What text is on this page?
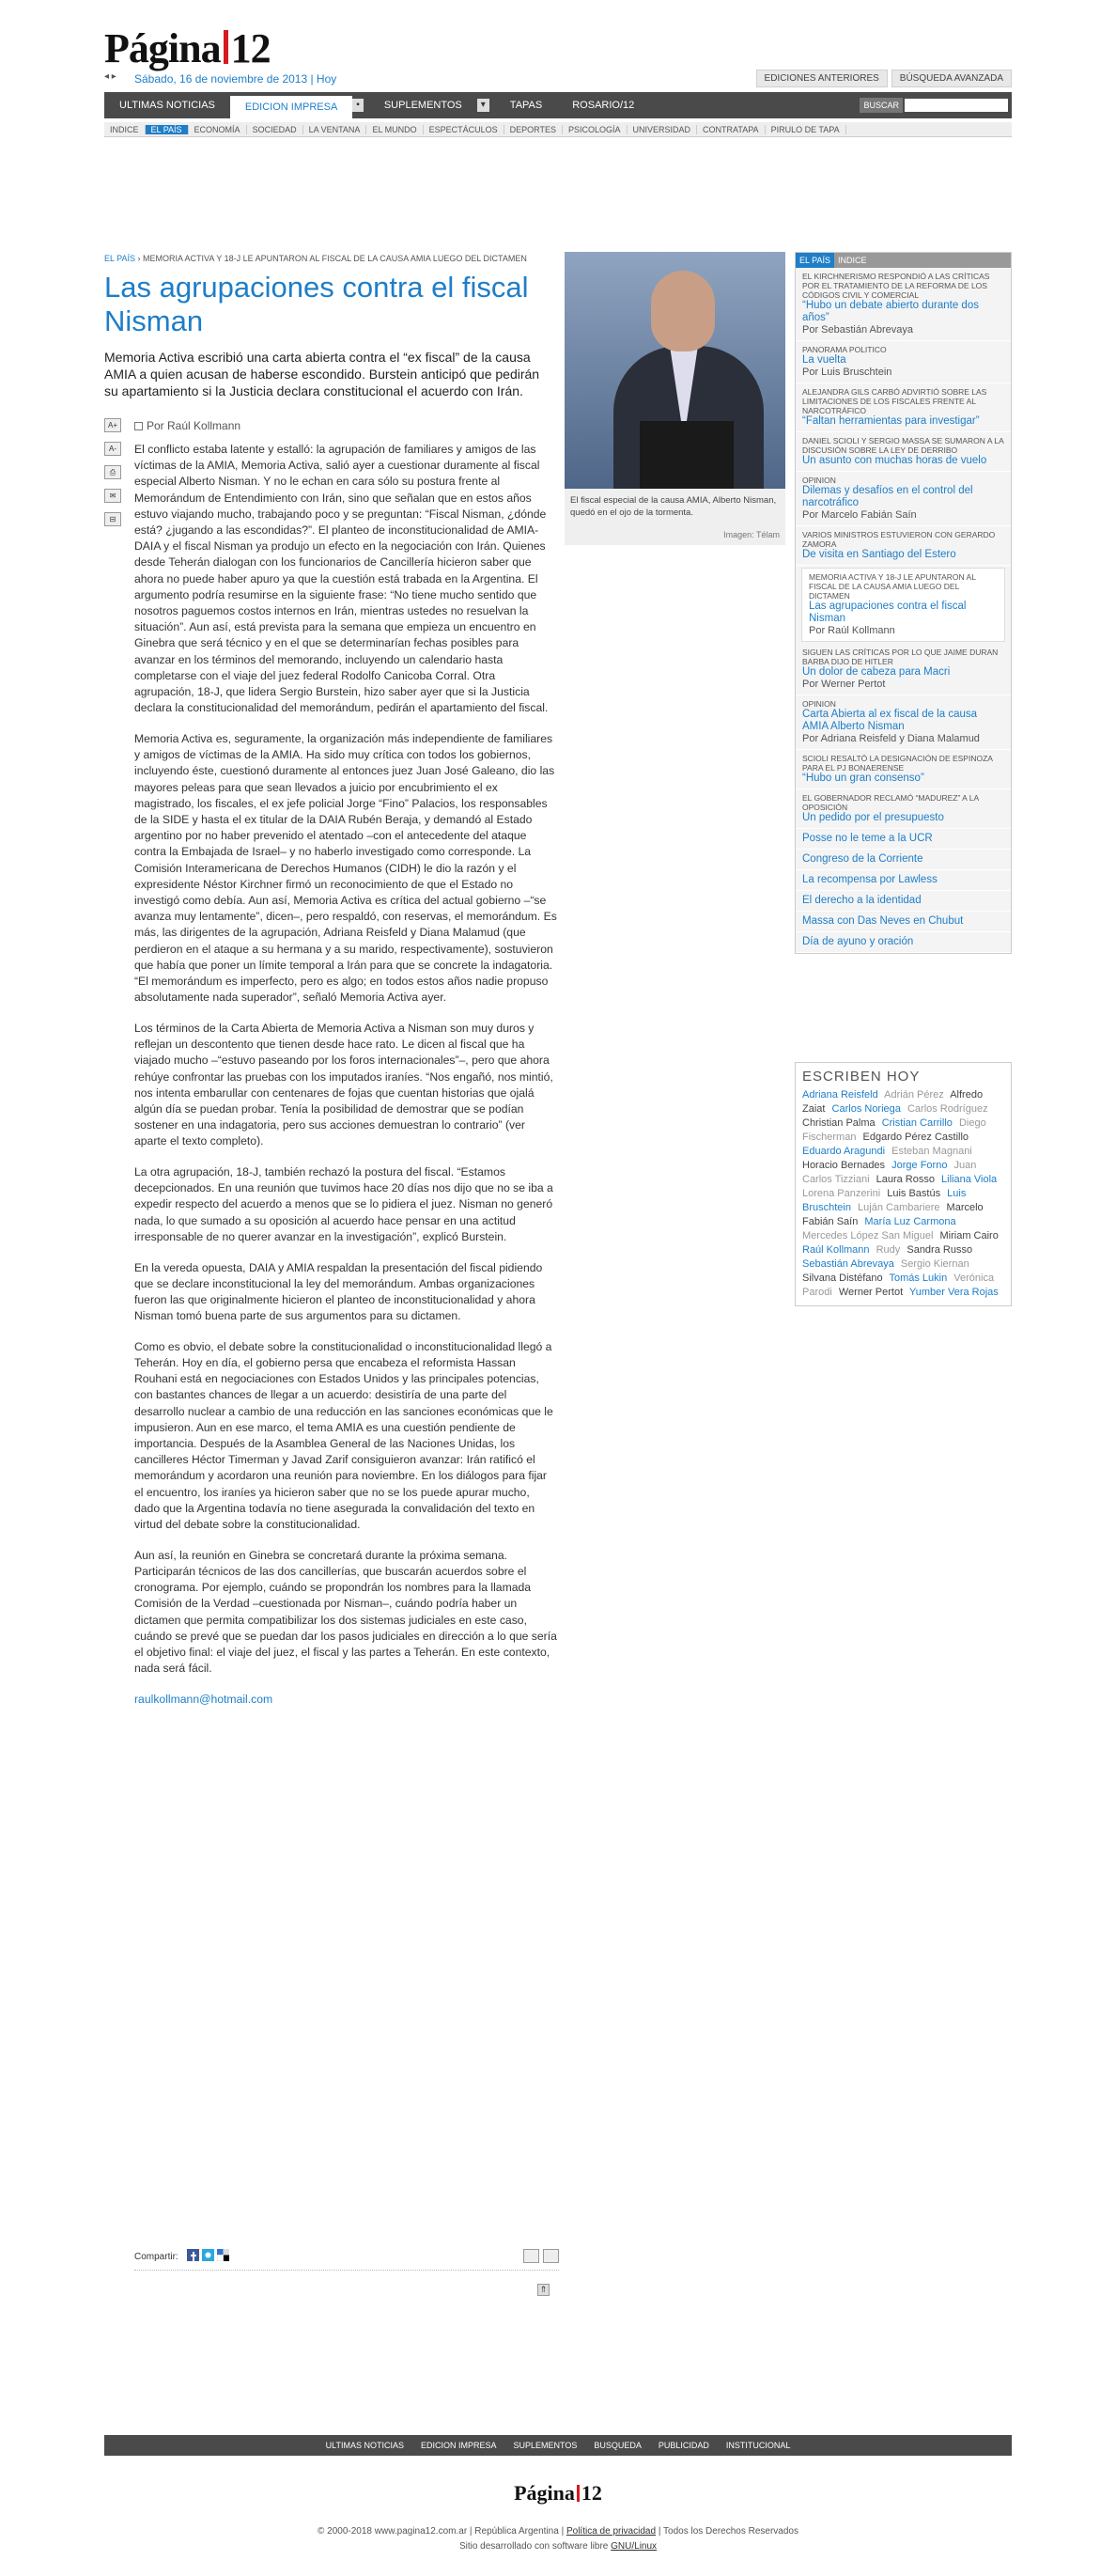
Página 12
◂ ▸ Sábado, 16 de noviembre de 2013 | Hoy	EDICIONES ANTERIORES	BÚSQUEDA AVANZADA
ULTIMAS NOTICIAS	EDICION IMPRESA	▪	SUPLEMENTOS	▾	TAPAS	ROSARIO/12	BUSCAR
INDICE	EL PAÍS	ECONOMÍA	SOCIEDAD	LA VENTANA	EL MUNDO	ESPECTÁCULOS	DEPORTES	PSICOLOGÍA	UNIVERSIDAD	CONTRATAPA	PIRULO DE TAPA
EL PAÍS › MEMORIA ACTIVA Y 18-J LE APUNTARON AL FISCAL DE LA CAUSA AMIA LUEGO DEL DICTAMEN
Las agrupaciones contra el fiscal Nisman

Memoria Activa escribió una carta abierta contra el “ex fiscal” de la causa AMIA a quien acusan de haberse escondido. Burstein anticipó que pedirán su apartamiento si la Justicia declara constitucional el acuerdo con Irán.

A+
A-
⎙
✉
⊟
Por Raúl Kollmann

El conflicto estaba latente y estalló: la agrupación de familiares y amigos de las víctimas de la AMIA, Memoria Activa, salió ayer a cuestionar duramente al fiscal especial Alberto Nisman. Y no le echan en cara sólo su postura frente al Memorándum de Entendimiento con Irán, sino que señalan que en estos años estuvo viajando mucho, trabajando poco y se preguntan: “Fiscal Nisman, ¿dónde está? ¿jugando a las escondidas?”. El planteo de inconstitucionalidad de AMIA-DAIA y el fiscal Nisman ya produjo un efecto en la negociación con Irán. Quienes desde Teherán dialogan con los funcionarios de Cancillería hicieron saber que ahora no puede haber apuro ya que la cuestión está trabada en la Argentina. El argumento podría resumirse en la siguiente frase: “No tiene mucho sentido que nosotros paguemos costos internos en Irán, mientras ustedes no resuelvan la situación”. Aun así, está prevista para la semana que empieza un encuentro en Ginebra que será técnico y en el que se determinarían fechas posibles para avanzar en los términos del memorando, incluyendo un calendario hasta completarse con el viaje del juez federal Rodolfo Canicoba Corral. Otra agrupación, 18-J, que lidera Sergio Burstein, hizo saber ayer que si la Justicia declara la constitucionalidad del memorándum, pedirán el apartamiento del fiscal.

Memoria Activa es, seguramente, la organización más independiente de familiares y amigos de víctimas de la AMIA. Ha sido muy crítica con todos los gobiernos, incluyendo éste, cuestionó duramente al entonces juez Juan José Galeano, dio las mayores peleas para que sean llevados a juicio por encubrimiento el ex magistrado, los fiscales, el ex jefe policial Jorge “Fino” Palacios, los responsables de la SIDE y hasta el ex titular de la DAIA Rubén Beraja, y demandó al Estado argentino por no haber prevenido el atentado –con el antecedente del ataque contra la Embajada de Israel– y no haberlo investigado como corresponde. La Comisión Interamericana de Derechos Humanos (CIDH) le dio la razón y el expresidente Néstor Kirchner firmó un reconocimiento de que el Estado no investigó como debía. Aun así, Memoria Activa es crítica del actual gobierno –“se avanza muy lentamente”, dicen–, pero respaldó, con reservas, el memorándum. Es más, las dirigentes de la agrupación, Adriana Reisfeld y Diana Malamud (que perdieron en el ataque a su hermana y a su marido, respectivamente), sostuvieron que había que poner un límite temporal a Irán para que se concrete la indagatoria. “El memorándum es imperfecto, pero es algo; en todos estos años nadie propuso absolutamente nada superador”, señaló Memoria Activa ayer.

Los términos de la Carta Abierta de Memoria Activa a Nisman son muy duros y reflejan un descontento que tienen desde hace rato. Le dicen al fiscal que ha viajado mucho –“estuvo paseando por los foros internacionales”–, pero que ahora rehúye confrontar las pruebas con los imputados iraníes. “Nos engañó, nos mintió, nos intenta embarullar con centenares de fojas que cuentan historias que ojalá algún día se puedan probar. Tenía la posibilidad de demostrar que se podían sostener en una indagatoria, pero sus acciones demuestran lo contrario” (ver aparte el texto completo).

La otra agrupación, 18-J, también rechazó la postura del fiscal. “Estamos decepcionados. En una reunión que tuvimos hace 20 días nos dijo que no se iba a expedir respecto del acuerdo a menos que se lo pidiera el juez. Nisman no generó nada, lo que sumado a su oposición al acuerdo hace pensar en una actitud irresponsable de no querer avanzar en la investigación”, explicó Burstein.

En la vereda opuesta, DAIA y AMIA respaldan la presentación del fiscal pidiendo que se declare inconstitucional la ley del memorándum. Ambas organizaciones fueron las que originalmente hicieron el planteo de inconstitucionalidad y ahora Nisman tomó buena parte de sus argumentos para su dictamen.

Como es obvio, el debate sobre la constitucionalidad o inconstitucionalidad llegó a Teherán. Hoy en día, el gobierno persa que encabeza el reformista Hassan Rouhani está en negociaciones con Estados Unidos y las principales potencias, con bastantes chances de llegar a un acuerdo: desistiría de una parte del desarrollo nuclear a cambio de una reducción en las sanciones económicas que le impusieron. Aun en ese marco, el tema AMIA es una cuestión pendiente de importancia. Después de la Asamblea General de las Naciones Unidas, los cancilleres Héctor Timerman y Javad Zarif consiguieron avanzar: Irán ratificó el memorándum y acordaron una reunión para noviembre. En los diálogos para fijar el encuentro, los iraníes ya hicieron saber que no se los puede apurar mucho, dado que la Argentina todavía no tiene asegurada la convalidación del texto en virtud del debate sobre la constitucionalidad.

Aun así, la reunión en Ginebra se concretará durante la próxima semana. Participarán técnicos de las dos cancillerías, que buscarán acuerdos sobre el cronograma. Por ejemplo, cuándo se propondrán los nombres para la llamada Comisión de la Verdad –cuestionada por Nisman–, cuándo podría haber un dictamen que permita compatibilizar los dos sistemas judiciales en este caso, cuándo se prevé que se puedan dar los pasos judiciales en dirección a lo que sería el objetivo final: el viaje del juez, el fiscal y las partes a Teherán. En este contexto, nada será fácil.

raulkollmann@hotmail.com
El fiscal especial de la causa AMIA, Alberto Nisman, quedó en el ojo de la tormenta.
Imagen: Télam
EL PAÍS INDICE
EL KIRCHNERISMO RESPONDIÓ A LAS CRÍTICAS POR EL TRATAMIENTO DE LA REFORMA DE LOS CÓDIGOS CIVIL Y COMERCIAL
“Hubo un debate abierto durante dos años”
Por Sebastián Abrevaya
PANORAMA POLITICO
La vuelta
Por Luis Bruschtein
ALEJANDRA GILS CARBÓ ADVIRTIÓ SOBRE LAS LIMITACIONES DE LOS FISCALES FRENTE AL NARCOTRÁFICO
“Faltan herramientas para investigar”
DANIEL SCIOLI Y SERGIO MASSA SE SUMARON A LA DISCUSIÓN SOBRE LA LEY DE DERRIBO
Un asunto con muchas horas de vuelo
OPINION
Dilemas y desafíos en el control del narcotráfico
Por Marcelo Fabián Saín
VARIOS MINISTROS ESTUVIERON CON GERARDO ZAMORA
De visita en Santiago del Estero
MEMORIA ACTIVA Y 18-J LE APUNTARON AL FISCAL DE LA CAUSA AMIA LUEGO DEL DICTAMEN
Las agrupaciones contra el fiscal Nisman
Por Raúl Kollmann
SIGUEN LAS CRÍTICAS POR LO QUE JAIME DURAN BARBA DIJO DE HITLER
Un dolor de cabeza para Macri
Por Werner Pertot
OPINION
Carta Abierta al ex fiscal de la causa AMIA Alberto Nisman
Por Adriana Reisfeld y Diana Malamud
SCIOLI RESALTÓ LA DESIGNACIÓN DE ESPINOZA PARA EL PJ BONAERENSE
“Hubo un gran consenso”
EL GOBERNADOR RECLAMÓ “MADUREZ” A LA OPOSICIÓN
Un pedido por el presupuesto
Posse no le teme a la UCR
Congreso de la Corriente
La recompensa por Lawless
El derecho a la identidad
Massa con Das Neves en Chubut
Día de ayuno y oración
ESCRIBEN HOY
Adriana Reisfeld Adrián Pérez Alfredo Zaiat Carlos Noriega Carlos Rodríguez Christian Palma Cristian Carrillo Diego Fischerman Edgardo Pérez Castillo Eduardo Aragundi Esteban Magnani Horacio Bernades Jorge Forno Juan Carlos Tizziani Laura Rosso Liliana Viola Lorena Panzerini Luis Bastús Luis Bruschtein Luján Cambariere Marcelo Fabián Saín María Luz Carmona Mercedes López San Miguel Miriam Cairo Raúl Kollmann Rudy Sandra Russo Sebastián Abrevaya Sergio Kiernan Silvana Distéfano Tomás Lukin Verónica Parodi Werner Pertot Yumber Vera Rojas
Compartir:
⇑
ULTIMAS NOTICIAS EDICION IMPRESA SUPLEMENTOS BUSQUEDA PUBLICIDAD INSTITUCIONAL
Página 12
© 2000-2018 www.pagina12.com.ar | República Argentina | Política de privacidad | Todos los Derechos Reservados
Sitio desarrollado con software libre GNU/Linux
